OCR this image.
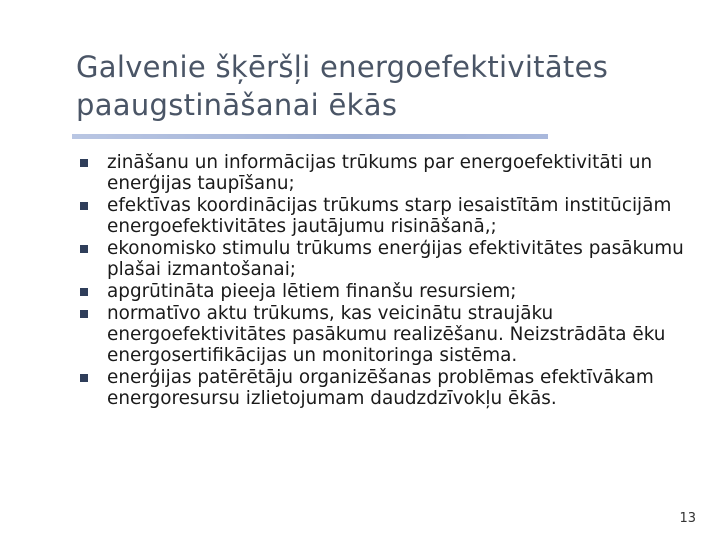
Galvenie šķēršļi energoefektivitātes
paaugstināšanai ēkās
zināšanu un informācijas trūkums par energoefektivitāti un enerģijas taupīšanu;
efektīvas koordinācijas trūkums starp iesaistītām institūcijām energoefektivitātes jautājumu risināšanā,;
ekonomisko stimulu trūkums enerģijas efektivitātes pasākumu plašai izmantošanai;
apgrūtināta pieeja lētiem finanšu resursiem;
normatīvo aktu trūkums, kas veicinātu straujāku energoefektivitātes pasākumu realizēšanu. Neizstrādāta ēku energosertifikācijas un monitoringa sistēma.
enerģijas patērētāju organizēšanas problēmas efektīvākam energoresursu izlietojumam daudzdzīvokļu ēkās.
13
